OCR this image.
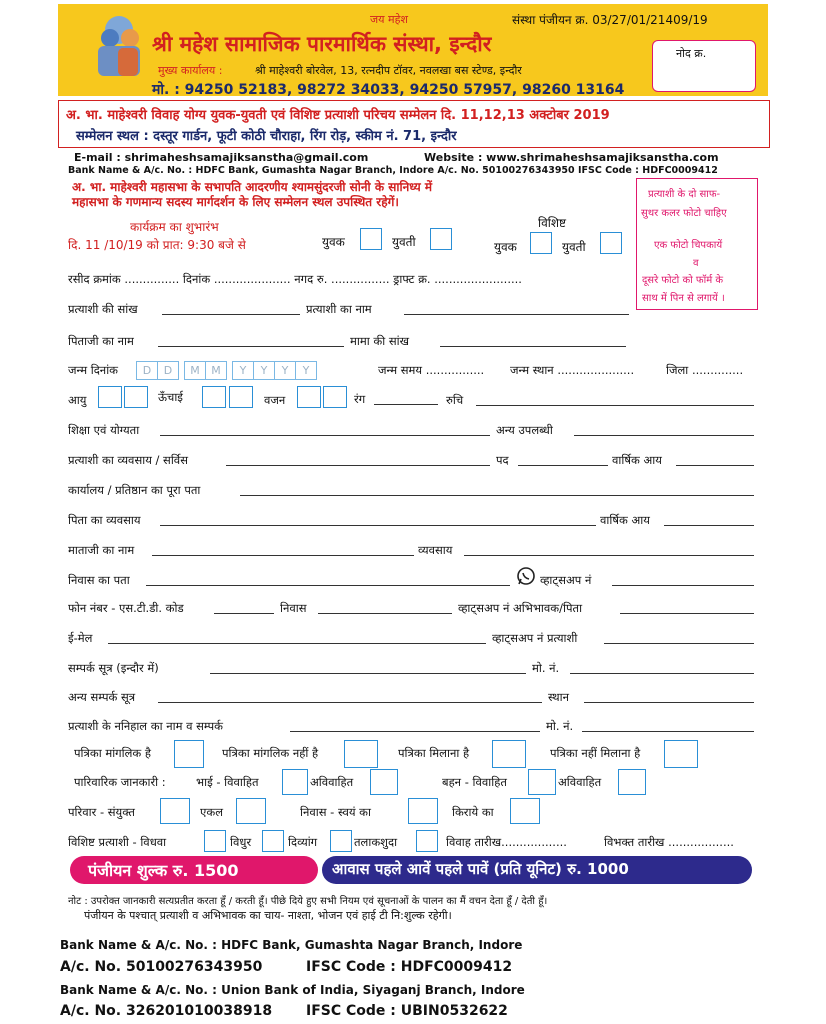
जय महेश	संस्था पंजीयन क्र. 03/27/01/21409/19
श्री महेश सामाजिक पारमार्थिक संस्था, इन्दौर
मुख्य कार्यालय :	श्री माहेश्वरी बोरवेल, 13, रत्नदीप टॉवर, नवलखा बस स्टेण्ड, इन्दौर
मो. : 94250 52183, 98272 34033, 94250 57957, 98260 13164
नोद क्र.
अ. भा. माहेश्वरी विवाह योग्य युवक-युवती एवं विशिष्ट प्रत्याशी परिचय सम्मेलन दि. 11,12,13 अक्टोबर 2019
सम्मेलन स्थल : दस्तूर गार्डन, फूटी कोठी चौराहा, रिंग रोड़, स्कीम नं. 71, इन्दौर
E-mail : shrimaheshsamajiksanstha@gmail.com	Website : www.shrimaheshsamajiksanstha.com
Bank Name & A/c. No. : HDFC Bank, Gumashta Nagar Branch, Indore A/c. No. 50100276343950 IFSC Code : HDFC0009412
अ. भा. माहेश्वरी महासभा के सभापति आदरणीय श्यामसुंदरजी सोनी के सानिध्य में
महासभा के गणमान्य सदस्य मार्गदर्शन के लिए सम्मेलन स्थल उपस्थित रहेगें।
प्रत्याशी के दो साफ-
सुथर कलर फोटो चाहिए
एक फोटो चिपकायें
व
दूसरे फोटो को फॉर्म के
साथ में पिन से लगायें ।
कार्यक्रम का शुभारंभ
दि. 11 /10/19 को प्रात: 9:30 बजे से	युवक	युवती
विशिष्ट
युवक	युवती
रसीद क्रमांक ............... दिनांक ..................... नगद रु. ................ ड्राफ्ट क्र. ........................
प्रत्याशी की सांख	प्रत्याशी का नाम
पिताजी का नाम	मामा की सांख
जन्म दिनांक	D D M M Y Y Y Y	जन्म समय ................ जन्म स्थान .....................	जिला ..............
आयु	ऊँचाई	वजन	रंग	रुचि
शिक्षा एवं योग्यता	अन्य उपलब्धी
प्रत्याशी का व्यवसाय / सर्विस	पद	वार्षिक आय
कार्यालय / प्रतिष्ठान का पूरा पता
पिता का व्यवसाय	वार्षिक आय
माताजी का नाम	व्यवसाय
निवास का पता	व्हाट्सअप नं
फोन नंबर - एस.टी.डी. कोड	निवास	व्हाट्सअप नं अभिभावक/पिता
ई-मेल	व्हाट्सअप नं प्रत्याशी
सम्पर्क सूत्र (इन्दौर में)	मो. नं.
अन्य सम्पर्क सूत्र	स्थान
प्रत्याशी के ननिहाल का नाम व सम्पर्क	मो. नं.
पत्रिका मांगलिक है	पत्रिका मांगलिक नहीं है	पत्रिका मिलाना है	पत्रिका नहीं मिलाना है
पारिवारिक जानकारी :	भाई - विवाहित	अविवाहित	बहन - विवाहित	अविवाहित
परिवार - संयुक्त	एकल	निवास - स्वयं का	किराये का
विशिष्ट प्रत्याशी - विधवा	विधुर	दिव्यांग	तलाकशुदा	विवाह तारीख..................	विभक्त तारीख ..................
पंजीयन शुल्क रु. 1500	आवास पहले आवें पहले पावें (प्रति यूनिट) रु. 1000
नोट : उपरोक्त जानकारी सत्यप्रतीत करता हूँ / करती हूँ। पीछे दिये हुए सभी नियम एवं सूचनाओं के पालन का मैं वचन देता हूँ / देती हूँ।
पंजीयन के पश्चात् प्रत्याशी व अभिभावक का चाय- नाश्ता, भोजन एवं हाई टी नि:शुल्क रहेगी।
Bank Name & A/c. No. : HDFC Bank, Gumashta Nagar Branch, Indore
A/c. No. 50100276343950	IFSC Code : HDFC0009412
Bank Name & A/c. No. : Union Bank of India, Siyaganj Branch, Indore
A/c. No. 326201010038918 IFSC Code : UBIN0532622
